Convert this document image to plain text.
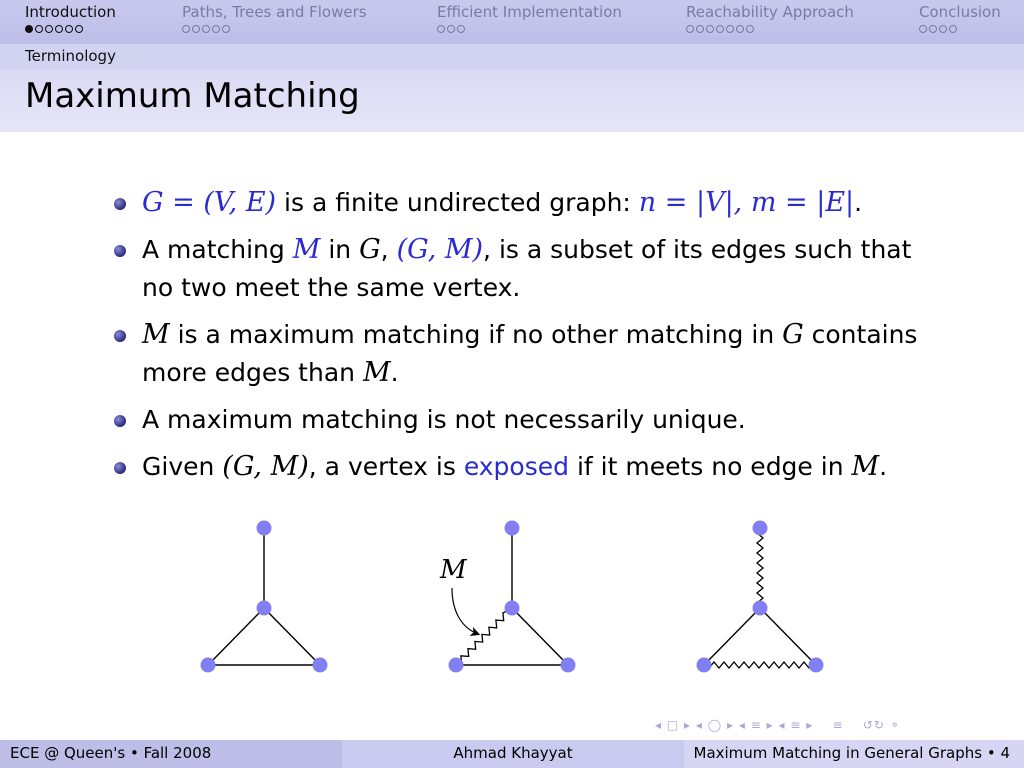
Introduction	Paths, Trees and Flowers	Efficient Implementation	Reachability Approach	Conclusion
Terminology
Maximum Matching
G = (V, E) is a finite undirected graph: n = |V|, m = |E|.
A matching M in G, (G, M), is a subset of its edges such that no two meet the same vertex.
M is a maximum matching if no other matching in G contains more edges than M.
A maximum matching is not necessarily unique.
Given (G, M), a vertex is exposed if it meets no edge in M.
M
◂ □ ▸ ◂ ◯ ▸ ◂ ≡ ▸ ◂ ≡ ▸ ≡ ↺↻ ⚬
ECE @ Queen's • Fall 2008	Ahmad Khayyat	Maximum Matching in General Graphs • 4
